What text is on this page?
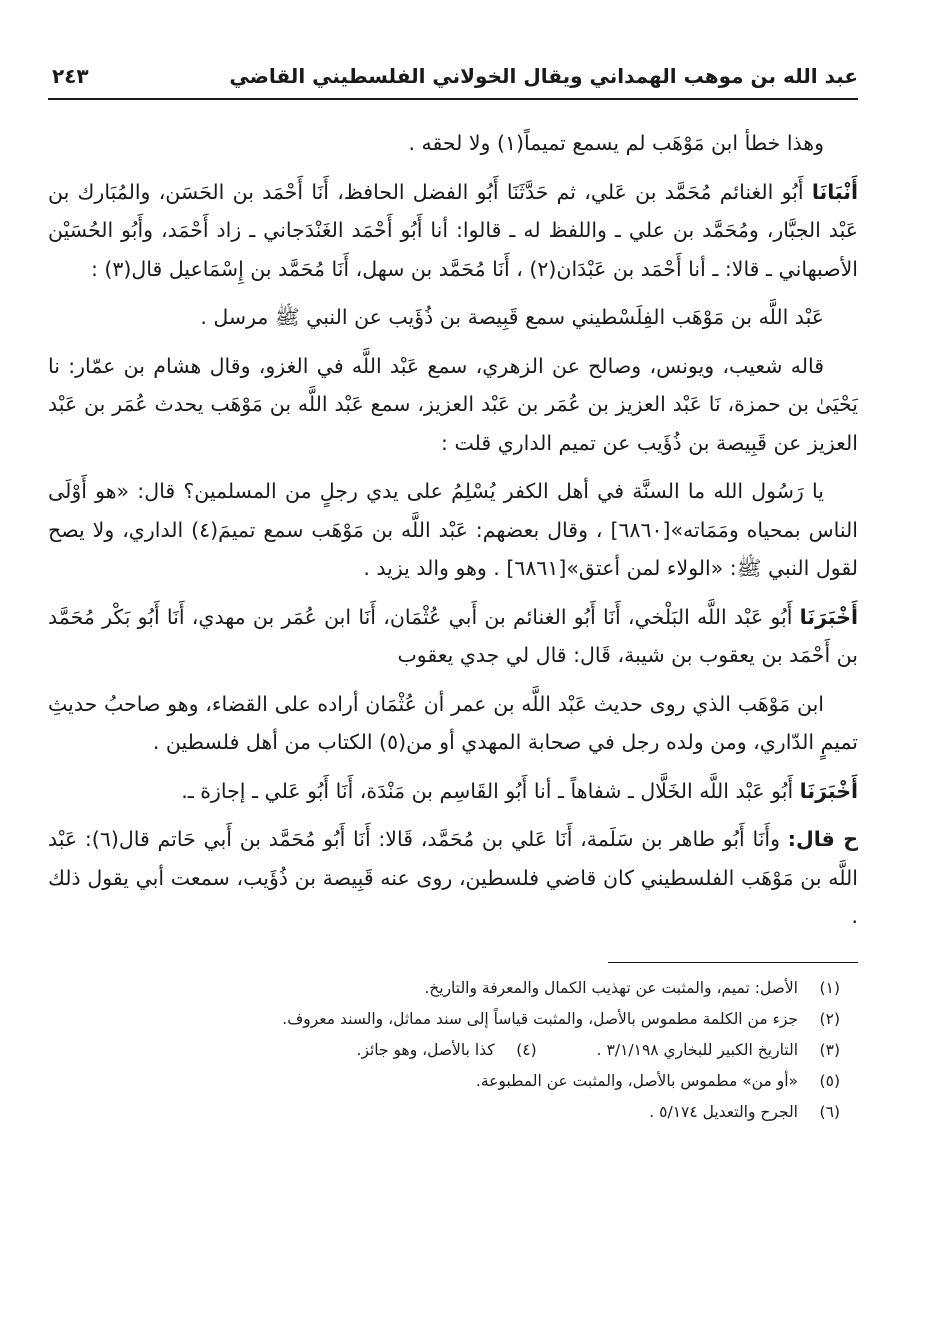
عبد الله بن موهب الهمداني ويقال الخولاني الفلسطيني القاضي
٢٤٣

وهذا خطأ ابن مَوْهَب لم يسمع تميماً(١) ولا لحقه .

أَنْبَانَا أَبُو الغنائم مُحَمَّد بن عَلي، ثم حَدَّثَنَا أَبُو الفضل الحافظ، أَنَا أَحْمَد بن الحَسَن، والمُبَارك بن عَبْد الجبَّار، ومُحَمَّد بن علي ـ واللفظ له ـ قالوا: أنا أَبُو أَحْمَد الغَنْدَجاني ـ زاد أَحْمَد، وأَبُو الحُسَيْن الأصبهاني ـ قالا: ـ أنا أَحْمَد بن عَبْدَان(٢) ، أَنَا مُحَمَّد بن سهل، أَنَا مُحَمَّد بن إِسْمَاعيل قال(٣) :

عَبْد اللَّه بن مَوْهَب الفِلَسْطيني سمع قَبِيصة بن ذُؤَيب عن النبي ﷺ مرسل .

قاله شعيب، ويونس، وصالح عن الزهري، سمع عَبْد اللَّه في الغزو، وقال هشام بن عمّار: نا يَحْيَىٰ بن حمزة، نَا عَبْد العزيز بن عُمَر بن عَبْد العزيز، سمع عَبْد اللَّه بن مَوْهَب يحدث عُمَر بن عَبْد العزيز عن قَبِيصة بن ذُؤَيب عن تميم الداري قلت :

يا رَسُول الله ما السنَّة في أهل الكفر يُسْلِمُ على يدي رجلٍ من المسلمين؟ قال: «هو أَوْلَى الناس بمحياه ومَمَاته»[٦٨٦٠] ، وقال بعضهم: عَبْد اللَّه بن مَوْهَب سمع تميمَ(٤) الداري، ولا يصح لقول النبي ﷺ: «الولاء لمن أعتق»[٦٨٦١] . وهو والد يزيد .

أَخْبَرَنَا أَبُو عَبْد اللَّه البَلْخي، أَنَا أَبُو الغنائم بن أَبي عُثْمَان، أَنَا ابن عُمَر بن مهدي، أَنَا أَبُو بَكْر مُحَمَّد بن أَحْمَد بن يعقوب بن شيبة، قَال: قال لي جدي يعقوب

ابن مَوْهَب الذي روى حديث عَبْد اللَّه بن عمر أن عُثْمَان أراده على القضاء، وهو صاحبُ حديثِ تميمٍ الدّاري، ومن ولده رجل في صحابة المهدي أو من(٥) الكتاب من أهل فلسطين .

أَخْبَرَنَا أَبُو عَبْد اللَّه الخَلَّال ـ شفاهاً ـ أنا أَبُو القَاسِم بن مَنْدَة، أَنَا أَبُو عَلي ـ إجازة ـ.

ح قال: وأَنَا أَبُو طاهر بن سَلَمة، أَنَا عَلي بن مُحَمَّد، قَالا: أَنَا أَبُو مُحَمَّد بن أَبي حَاتم قال(٦): عَبْد اللَّه بن مَوْهَب الفلسطيني كان قاضي فلسطين، روى عنه قَبِيصة بن ذُؤَيب، سمعت أبي يقول ذلك .

(١)
الأصل: تميم، والمثبت عن تهذيب الكمال والمعرفة والتاريخ.
(٢)
جزء من الكلمة مطموس بالأصل، والمثبت قياساً إلى سند مماثل، والسند معروف.
(٣)
التاريخ الكبير للبخاري ٣/١/١٩٨ .
(٤)
كذا بالأصل، وهو جائز.
(٥)
«أو من» مطموس بالأصل، والمثبت عن المطبوعة.
(٦)
الجرح والتعديل ٥/١٧٤ .
